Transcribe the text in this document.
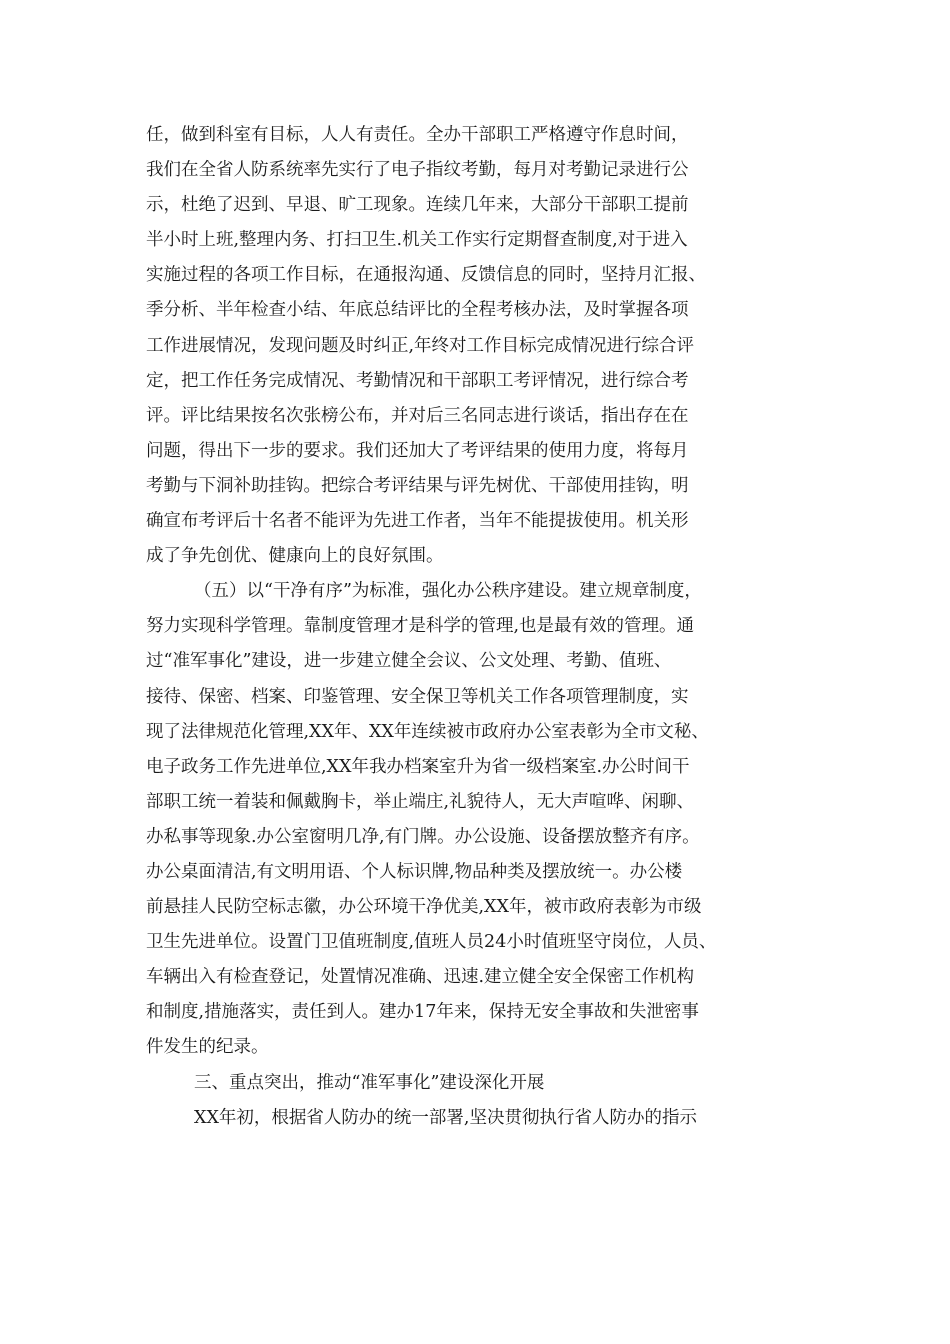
任，做到科室有目标，人人有责任。全办干部职工严格遵守作息时间，
我们在全省人防系统率先实行了电子指纹考勤，每月对考勤记录进行公
示，杜绝了迟到、早退、旷工现象。连续几年来，大部分干部职工提前
半小时上班,整理内务、打扫卫生.机关工作实行定期督查制度,对于进入
实施过程的各项工作目标，在通报沟通、反馈信息的同时，坚持月汇报、
季分析、半年检查小结、年底总结评比的全程考核办法，及时掌握各项
工作进展情况，发现问题及时纠正,年终对工作目标完成情况进行综合评
定，把工作任务完成情况、考勤情况和干部职工考评情况，进行综合考
评。评比结果按名次张榜公布，并对后三名同志进行谈话，指出存在在
问题，得出下一步的要求。我们还加大了考评结果的使用力度，将每月
考勤与下洞补助挂钩。把综合考评结果与评先树优、干部使用挂钩，明
确宣布考评后十名者不能评为先进工作者，当年不能提拔使用。机关形
成了争先创优、健康向上的良好氛围。
（五）以“干净有序”为标准，强化办公秩序建设。建立规章制度，
努力实现科学管理。靠制度管理才是科学的管理,也是最有效的管理。通
过“准军事化”建设，进一步建立健全会议、公文处理、考勤、值班、
接待、保密、档案、印鉴管理、安全保卫等机关工作各项管理制度，实
现了法律规范化管理,XX年、XX年连续被市政府办公室表彰为全市文秘、
电子政务工作先进单位,XX年我办档案室升为省一级档案室.办公时间干
部职工统一着装和佩戴胸卡，举止端庄,礼貌待人，无大声喧哗、闲聊、
办私事等现象.办公室窗明几净,有门牌。办公设施、设备摆放整齐有序。
办公桌面清洁,有文明用语、个人标识牌,物品种类及摆放统一。办公楼
前悬挂人民防空标志徽，办公环境干净优美,XX年，被市政府表彰为市级
卫生先进单位。设置门卫值班制度,值班人员24小时值班坚守岗位，人员、
车辆出入有检查登记，处置情况准确、迅速.建立健全安全保密工作机构
和制度,措施落实，责任到人。建办17年来，保持无安全事故和失泄密事
件发生的纪录。
三、重点突出，推动“准军事化”建设深化开展
XX年初，根据省人防办的统一部署,坚决贯彻执行省人防办的指示
